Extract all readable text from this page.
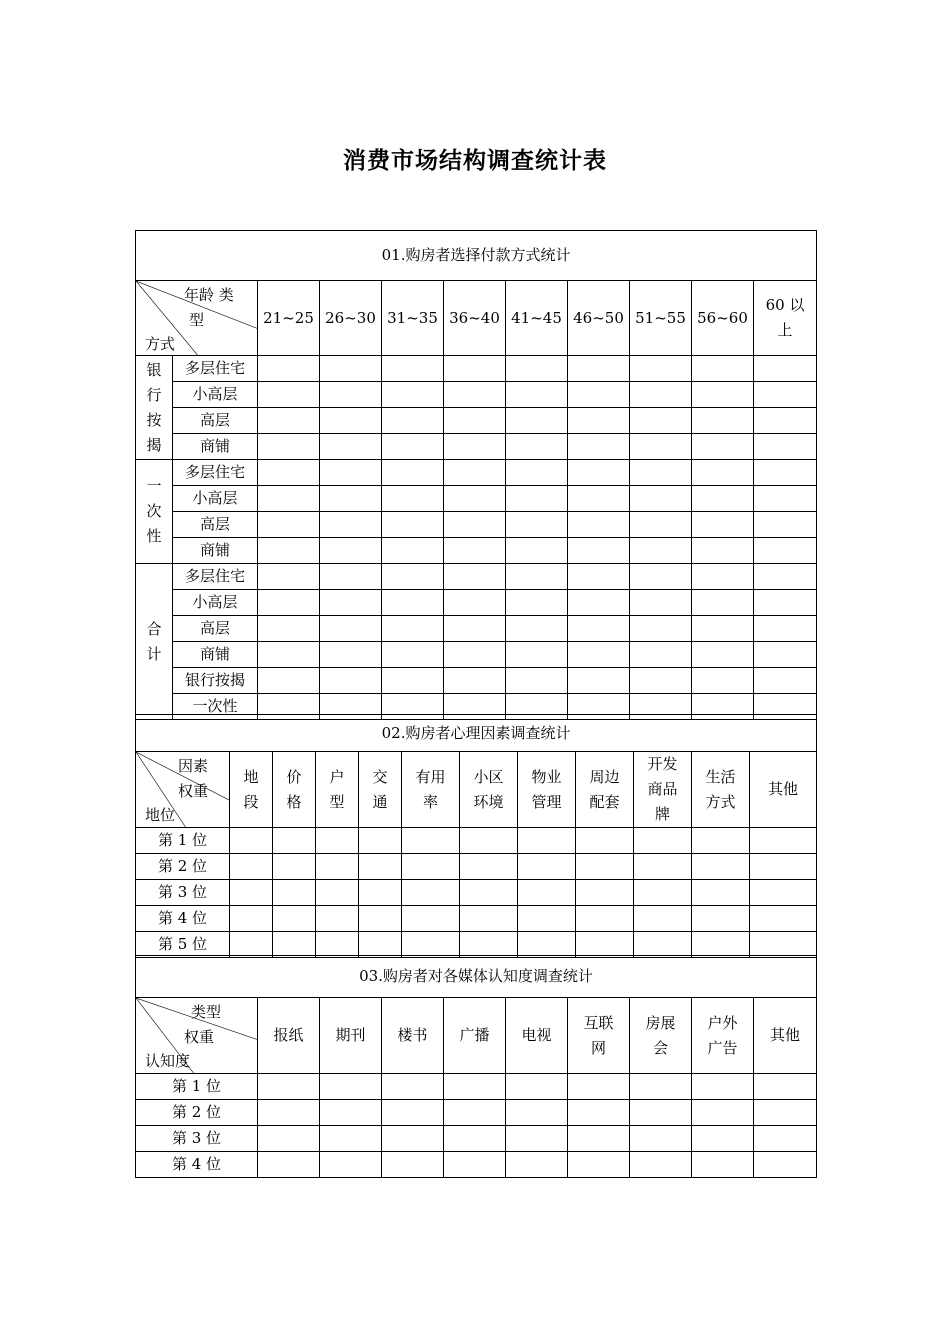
消费市场结构调查统计表
01.购房者选择付款方式统计										

年龄 类
型
方式		21~25	26~30	31~35	36~40	41~45	46~50	51~55	56~60	60 以上

银
行
按
揭	多层住宅									
	小高层									
	高层									
	商铺									

一
次
性	多层住宅									
	小高层									
	高层									
	商铺									

合
计	多层住宅									
	小高层									
	高层									
	商铺									
	银行按揭									
	一次性									
02.购房者心理因素调查统计											

因素
权重
地位	地段	价格	户型	交通	有用率	小区环境	物业管理	周边配套	开发商品牌	生活方式	其他
第 1 位											
第 2 位											
第 3 位											
第 4 位											
第 5 位											
03.购房者对各媒体认知度调查统计									

类型
权重
认知度	报纸	期刊	楼书	广播	电视	互联网	房展会	户外广告	其他
第 1 位									
第 2 位									
第 3 位									
第 4 位									
